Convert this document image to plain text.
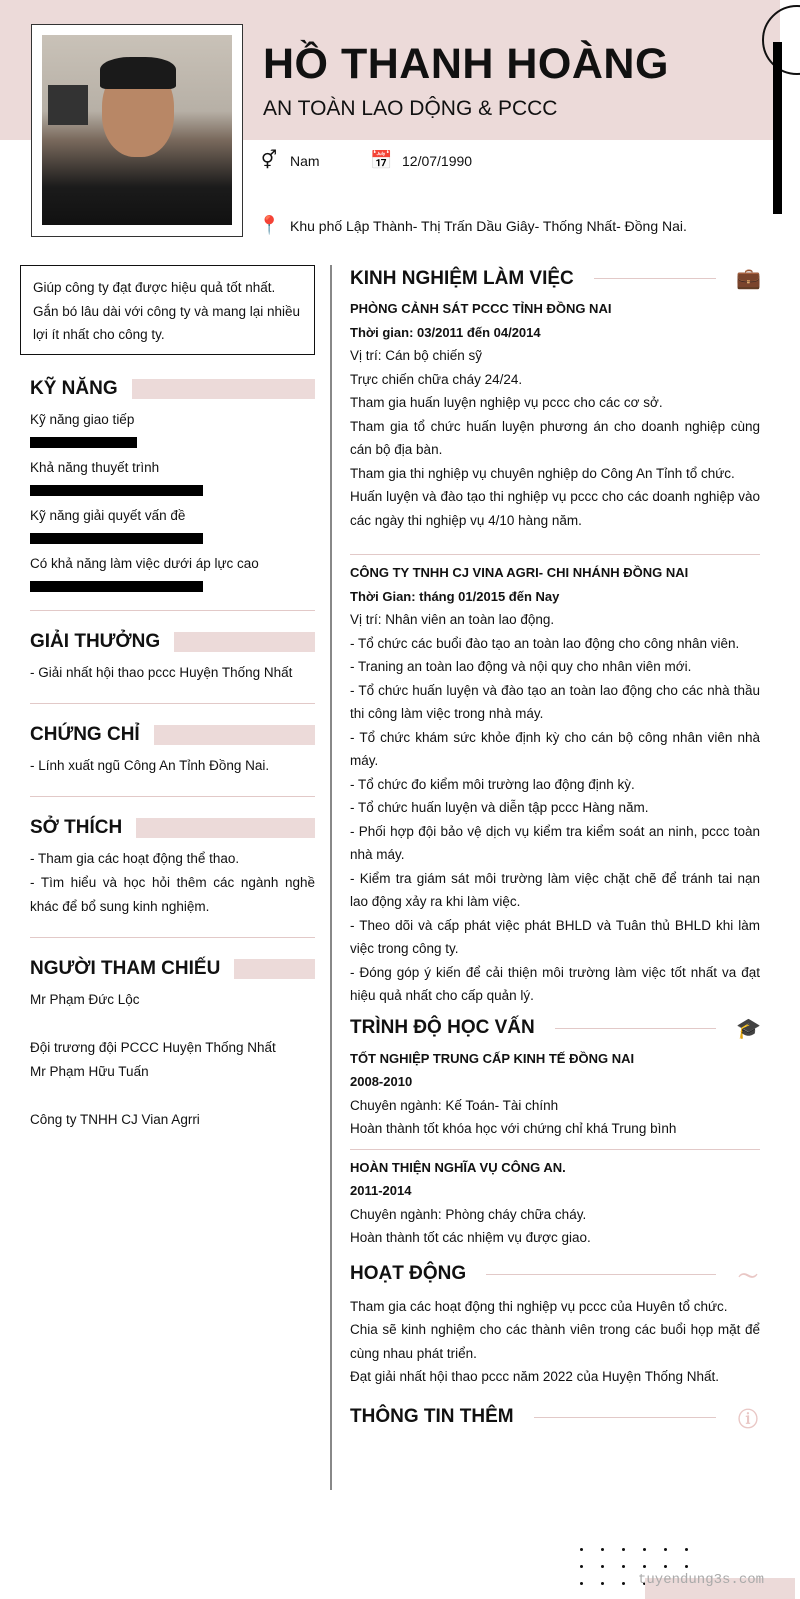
HỒ THANH HOÀNG
AN TOÀN LAO DỘNG & PCCC
⚥ Nam	📅 12/07/1990
📍 Khu phố Lập Thành- Thị Trấn Dầu Giây- Thống Nhất- Đồng Nai.
Giúp công ty đạt được hiệu quả tốt nhất. Gắn bó lâu dài với công ty và mang lại nhiều lợi ít nhất cho công ty.
KỸ NĂNG
Kỹ năng giao tiếp
Khả năng thuyết trình
Kỹ năng giải quyết vấn đề
Có khả năng làm việc dưới áp lực cao
GIẢI THƯỞNG
- Giải nhất hội thao pccc Huyện Thống Nhất
CHỨNG CHỈ
- Lính xuất ngũ Công An Tỉnh Đồng Nai.
SỞ THÍCH
- Tham gia các hoạt động thể thao.
- Tìm hiểu và học hỏi thêm các ngành nghề khác để bổ sung kinh nghiệm.
NGƯỜI THAM CHIẾU
Mr Phạm Đức Lộc
Đội trương đội PCCC Huyện Thống Nhất
Mr Phạm Hữu Tuấn
Công ty TNHH CJ Vian Agrri
KINH NGHIỆM LÀM VIỆC	💼
PHÒNG CẢNH SÁT PCCC TỈNH ĐỒNG NAI
Thời gian: 03/2011 đến 04/2014
Vị trí: Cán bộ chiến sỹ
Trực chiến chữa cháy 24/24.
Tham gia huấn luyện nghiệp vụ pccc cho các cơ sở.
Tham gia tổ chức huấn luyện phương án cho doanh nghiệp cùng cán bộ địa bàn.
Tham gia thi nghiệp vụ chuyên nghiệp do Công An Tỉnh tổ chức.
Huấn luyện và đào tạo thi nghiệp vụ pccc cho các doanh nghiệp vào các ngày thi nghiệp vụ 4/10 hàng năm.
CÔNG TY TNHH CJ VINA AGRI- CHI NHÁNH ĐỒNG NAI
Thời Gian: tháng 01/2015 đến Nay
Vị trí: Nhân viên an toàn lao động.
- Tổ chức các buổi đào tạo an toàn lao động cho công nhân viên.
- Traning an toàn lao động và nội quy cho nhân viên mới.
- Tổ chức huấn luyện và đào tạo an toàn lao động cho các nhà thầu thi công làm việc trong nhà máy.
- Tổ chức khám sức khỏe định kỳ cho cán bộ công nhân viên nhà máy.
- Tổ chức đo kiểm môi trường lao động định kỳ.
- Tổ chức huấn luyện và diễn tập pccc Hàng năm.
- Phối hợp đội bảo vệ dịch vụ kiểm tra kiểm soát an ninh, pccc toàn nhà máy.
- Kiểm tra giám sát môi trường làm việc chặt chẽ để tránh tai nạn lao động xảy ra khi làm việc.
- Theo dõi và cấp phát việc phát BHLD và Tuân thủ BHLD khi làm việc trong công ty.
- Đóng góp ý kiến để cải thiện môi trường làm việc tốt nhất va đạt hiệu quả nhất cho cấp quản lý.
TRÌNH ĐỘ HỌC VẤN	🎓
TỐT NGHIỆP TRUNG CẤP KINH TẾ ĐỒNG NAI
2008-2010
Chuyên ngành: Kế Toán- Tài chính
Hoàn thành tốt khóa học với chứng chỉ khá Trung bình
HOÀN THIỆN NGHĨA VỤ CÔNG AN.
2011-2014
Chuyên ngành: Phòng cháy chữa cháy.
Hoàn thành tốt các nhiệm vụ được giao.
HOẠT ĐỘNG	〜
Tham gia các hoạt động thi nghiệp vụ pccc của Huyên tổ chức.
Chia sẽ kinh nghiệm cho các thành viên trong các buổi họp mặt để cùng nhau phát triển.
Đạt giải nhất hội thao pccc năm 2022 của Huyện Thống Nhất.
THÔNG TIN THÊM	ⓘ
tuyendung3s.com
